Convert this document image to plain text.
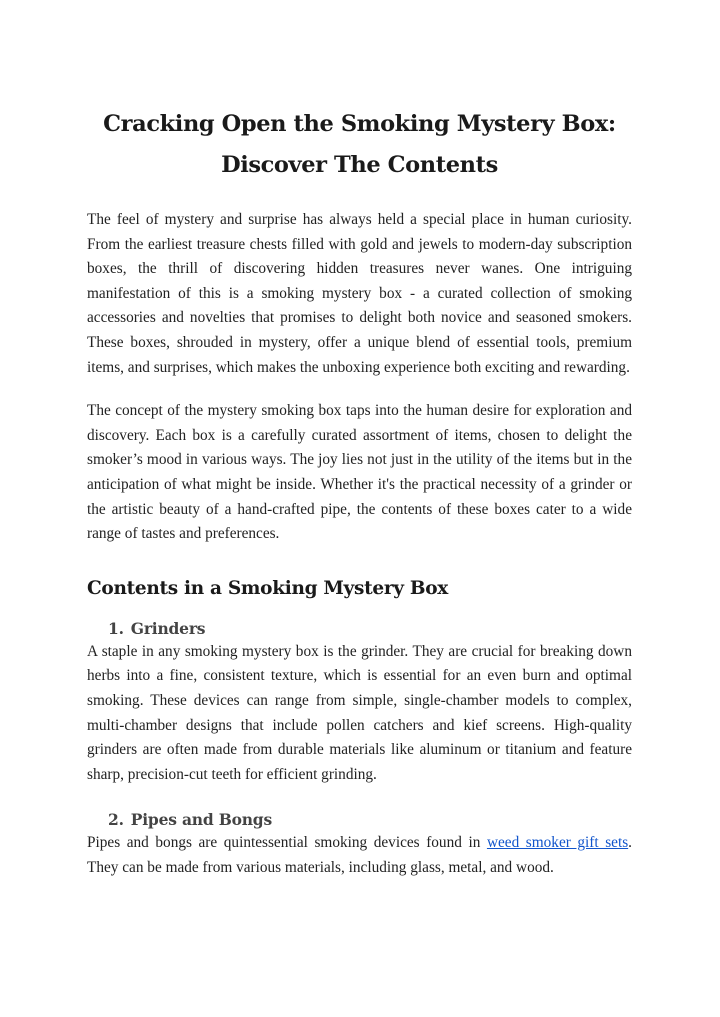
Cracking Open the Smoking Mystery Box:
Discover The Contents

The feel of mystery and surprise has always held a special place in human curiosity. From the earliest treasure chests filled with gold and jewels to modern-day subscription boxes, the thrill of discovering hidden treasures never wanes. One intriguing manifestation of this is a smoking mystery box - a curated collection of smoking accessories and novelties that promises to delight both novice and seasoned smokers. These boxes, shrouded in mystery, offer a unique blend of essential tools, premium items, and surprises, which makes the unboxing experience both exciting and rewarding.

The concept of the mystery smoking box taps into the human desire for exploration and discovery. Each box is a carefully curated assortment of items, chosen to delight the smoker’s mood in various ways. The joy lies not just in the utility of the items but in the anticipation of what might be inside. Whether it's the practical necessity of a grinder or the artistic beauty of a hand-crafted pipe, the contents of these boxes cater to a wide range of tastes and preferences.

Contents in a Smoking Mystery Box
1. Grinders

A staple in any smoking mystery box is the grinder. They are crucial for breaking down herbs into a fine, consistent texture, which is essential for an even burn and optimal smoking. These devices can range from simple, single-chamber models to complex, multi-chamber designs that include pollen catchers and kief screens. High-quality grinders are often made from durable materials like aluminum or titanium and feature sharp, precision-cut teeth for efficient grinding.

2. Pipes and Bongs

Pipes and bongs are quintessential smoking devices found in weed smoker gift sets. They can be made from various materials, including glass, metal, and wood.
